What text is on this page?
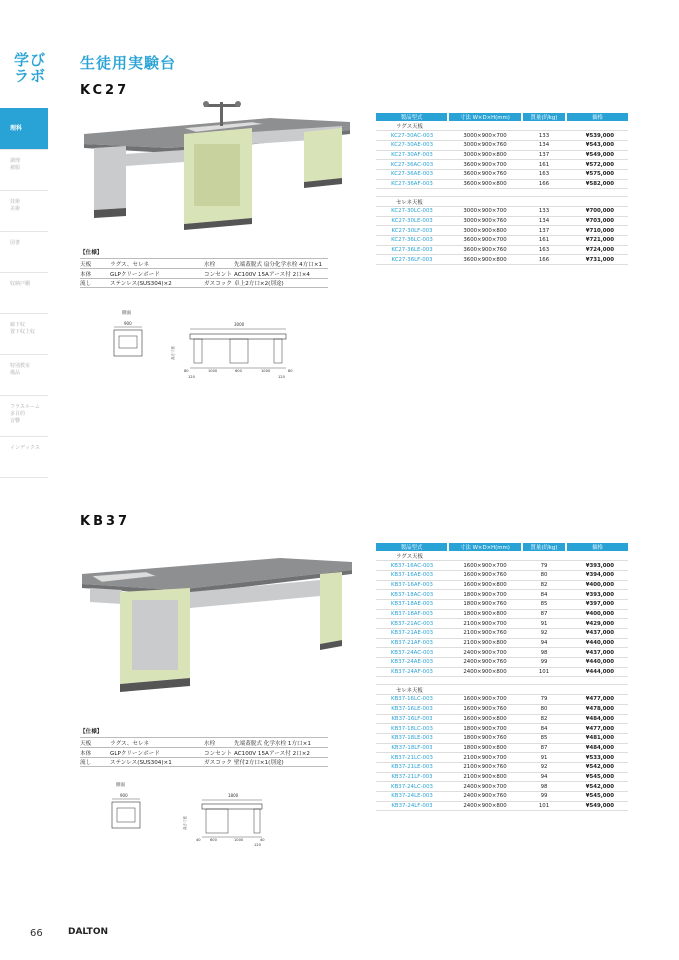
学び
ラボ
理科
調理
被服
技術
美術
図書
収納戸棚
廊下収
置下収上収
特別教室
備品
フラスルーム
多目的
音響
インデックス
生徒用実験台
KC27
【仕様】
天板	ラグス、セレネ	水栓	先端蓋脱式 扇分化学水栓 4方口×1
本体	GLPクリーンボード	コンセント AC100V 15Aアース付 2口×4
流し	ステンレス(SUS304)×2	ガスコック 卓上2方口×2(別途)
側面
900	3000
高さ寸法
80	1000	600	1000	80
120	120
製品型式	寸法 W×D×H(mm)	質量(約kg)	価格
ラグス天板			
KC27-30AC-003	3000×900×700	133	¥539,000
KC27-30AE-003	3000×900×760	134	¥543,000
KC27-30AF-003	3000×900×800	137	¥549,000
KC27-36AC-003	3600×900×700	161	¥572,000
KC27-36AE-003	3600×900×760	163	¥575,000
KC27-36AF-003	3600×900×800	166	¥582,000

セレネ天板			
KC27-30LC-003	3000×900×700	133	¥700,000
KC27-30LE-003	3000×900×760	134	¥703,000
KC27-30LF-003	3000×900×800	137	¥710,000
KC27-36LC-003	3600×900×700	161	¥721,000
KC27-36LE-003	3600×900×760	163	¥724,000
KC27-36LF-003	3600×900×800	166	¥731,000
KB37
【仕様】
天板	ラグス、セレネ	水栓	先端蓋脱式 化学水栓 1方口×1
本体	GLPクリーンボード	コンセント AC100V 15Aアース付 2口×2
流し	ステンレス(SUS304)×1	ガスコック 壁付2方口×1(別途)
側面
900	1800
高さ寸法
40	600	1000	40
120
製品型式	寸法 W×D×H(mm)	質量(約kg)	価格
ラグス天板			
KB37-16AC-003	1600×900×700	79	¥393,000
KB37-16AE-003	1600×900×760	80	¥394,000
KB37-16AF-003	1600×900×800	82	¥400,000
KB37-18AC-003	1800×900×700	84	¥393,000
KB37-18AE-003	1800×900×760	85	¥397,000
KB37-18AF-003	1800×900×800	87	¥400,000
KB37-21AC-003	2100×900×700	91	¥429,000
KB37-21AE-003	2100×900×760	92	¥437,000
KB37-21AF-003	2100×900×800	94	¥440,000
KB37-24AC-003	2400×900×700	98	¥437,000
KB37-24AE-003	2400×900×760	99	¥440,000
KB37-24AF-003	2400×900×800	101	¥444,000

セレネ天板			
KB37-16LC-003	1600×900×700	79	¥477,000
KB37-16LE-003	1600×900×760	80	¥478,000
KB37-16LF-003	1600×900×800	82	¥484,000
KB37-18LC-003	1800×900×700	84	¥477,000
KB37-18LE-003	1800×900×760	85	¥481,000
KB37-18LF-003	1800×900×800	87	¥484,000
KB37-21LC-003	2100×900×700	91	¥533,000
KB37-21LE-003	2100×900×760	92	¥542,000
KB37-21LF-003	2100×900×800	94	¥545,000
KB37-24LC-003	2400×900×700	98	¥542,000
KB37-24LE-003	2400×900×760	99	¥545,000
KB37-24LF-003	2400×900×800	101	¥549,000
66	DALTON
